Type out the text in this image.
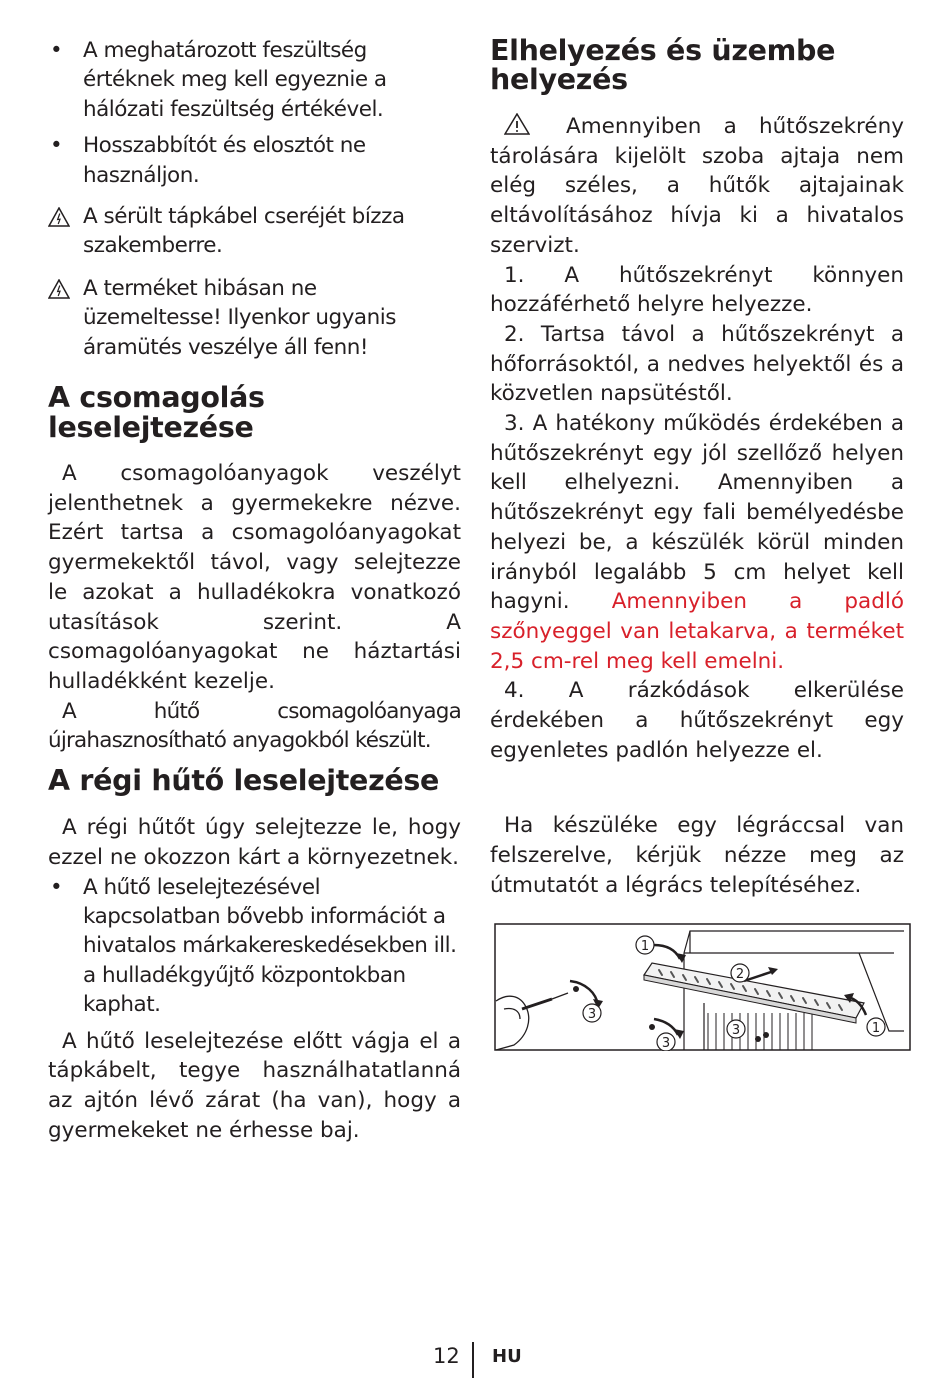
• A meghatározott feszültség értéknek meg kell egyeznie a hálózati feszültség értékével.
• Hosszabbítót és elosztót ne használjon.
A sérült tápkábel cseréjét bízza szakemberre.
A terméket hibásan ne üzemeltesse! Ilyenkor ugyanis áramütés veszélye áll fenn!
A csomagolás leselejtezése

A csomagolóanyagok veszélyt jelenthetnek a gyermekekre nézve. Ezért tartsa a csomagolóanyagokat gyermekektől távol, vagy selejtezze le azokat a hulladékokra vonatkozó utasítások szerint. A csomagolóanyagokat ne háztartási hulladékként kezelje.

A hűtő csomagolóanyaga újrahasznosítható anyagokból készült.

A régi hűtő leselejtezése

A régi hűtőt úgy selejtezze le, hogy ezzel ne okozzon kárt a környezetnek.

• A hűtő leselejtezésével kapcsolatban bővebb információt a hivatalos márkakereskedésekben ill. a hulladékgyűjtő központokban kaphat.

A hűtő leselejtezése előtt vágja el a tápkábelt, tegye használhatatlanná az ajtón lévő zárat (ha van), hogy a gyermekeket ne érhesse baj.

Elhelyezés és üzembe helyezés

Amennyiben a hűtőszekrény tárolására kijelölt szoba ajtaja nem elég széles, a hűtők ajtajainak eltávolításához hívja ki a hivatalos szervizt.

1. A hűtőszekrényt könnyen hozzáférhető helyre helyezze.

2. Tartsa távol a hűtőszekrényt a hőforrásoktól, a nedves helyektől és a közvetlen napsütéstől.

3. A hatékony működés érdekében a hűtőszekrényt egy jól szellőző helyen kell elhelyezni. Amennyiben a hűtőszekrényt egy fali bemélyedésbe helyezi be, a készülék körül minden irányból legalább 5 cm helyet kell hagyni. Amennyiben a padló szőnyeggel van letakarva, a terméket 2,5 cm-rel meg kell emelni.

4. A rázkódások elkerülése érdekében a hűtőszekrényt egy egyenletes padlón helyezze el.

Ha készüléke egy légráccsal van felszerelve, kérjük nézze meg az útmutatót a légrács telepítéséhez.

1
2
3
3
3
1
12 HU
